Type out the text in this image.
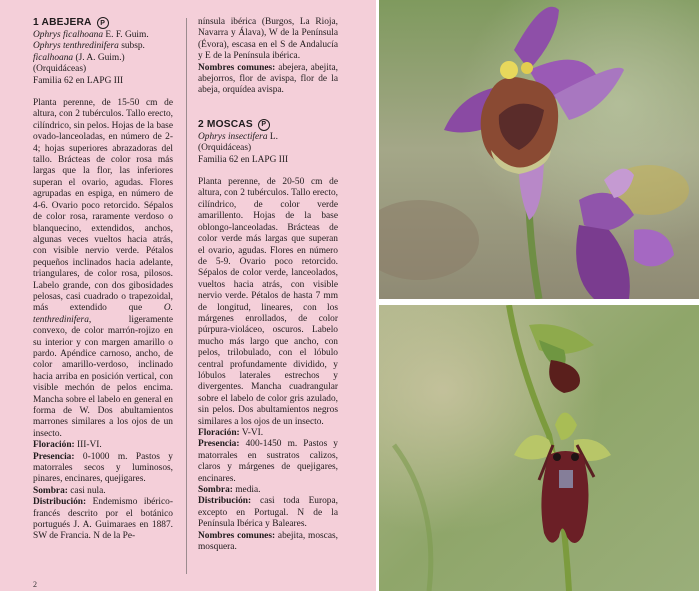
1 ABEJERA	P
Ophrys ficalhoana E. F. Guim.
Ophrys tenthredinifera subsp.
ficalhoana (J. A. Guim.)
(Orquidáceas)
Familia 62 en LAPG III
Planta perenne, de 15-50 cm de altura, con 2 tubérculos. Tallo erecto, cilíndrico, sin pelos. Hojas de la base ovado-lanceoladas, en número de 2-4; hojas superiores abrazadoras del tallo. Brácteas de color rosa más largas que la flor, las inferiores superan el ovario, agudas. Flores agrupadas en espiga, en número de 4-6. Ovario poco retorcido. Sépalos de color rosa, raramente verdoso o blanquecino, extendidos, anchos, algunas veces vueltos hacia atrás, con visible nervio verde. Pétalos pequeños inclinados hacia adelante, triangulares, de color rosa, pilosos. Labelo grande, con dos gibosidades pelosas, casi cuadrado o trapezoidal, más extendido que O. tenthredinifera,	ligeramente convexo, de color marrón-rojizo en su interior y con margen amarillo o pardo. Apéndice carnoso, ancho, de color amarillo-verdoso, inclinado hacia arriba en posición vertical, con visible mechón de pelos encima. Mancha sobre el labelo en general en forma de W. Dos abultamientos marrones similares a los ojos de un insecto.
Floración: III-VI.
Presencia: 0-1000 m. Pastos y matorrales secos y luminosos, pinares, encinares, quejigares.
Sombra: casi nula.
Distribución: Endemismo ibérico-francés descrito por el botánico portugués J. A. Guimaraes en 1887. SW de Francia. N de la Pe-
nínsula ibérica (Burgos, La Rioja, Navarra y Álava), W de la Península (Évora), escasa en el S de Andalucía y E de la Península ibérica.
Nombres comunes: abejera, abejita, abejorros, flor de avispa, flor de la abeja, orquídea avispa.
2 MOSCAS	P
Ophrys insectifera L.
(Orquidáceas)
Familia 62 en LAPG III
Planta perenne, de 20-50 cm de altura, con 2 tubérculos. Tallo erecto, cilíndrico, de color verde amarillento. Hojas de la base oblongo-lanceoladas. Brácteas de color verde más largas que superan el ovario, agudas. Flores en número de 5-9. Ovario poco retorcido. Sépalos de color verde, lanceolados, vueltos hacia atrás, con visible nervio verde. Pétalos de hasta 7 mm de longitud, lineares, con los márgenes enrollados, de color púrpura-violáceo, oscuros. Labelo mucho más largo que ancho, con pelos, trilobulado, con el lóbulo central profundamente dividido, y lóbulos laterales estrechos y divergentes. Mancha cuadrangular sobre el labelo de color gris azulado, sin pelos. Dos abultamientos negros similares a los ojos de un insecto.
Floración: V-VI.
Presencia: 400-1450 m. Pastos y matorrales en sustratos calizos, claros y márgenes de quejigares, encinares.
Sombra: media.
Distribución: casi toda Europa, excepto en Portugal. N de la Península Ibérica y Baleares.
Nombres comunes: abejita, moscas, mosquera.
2
